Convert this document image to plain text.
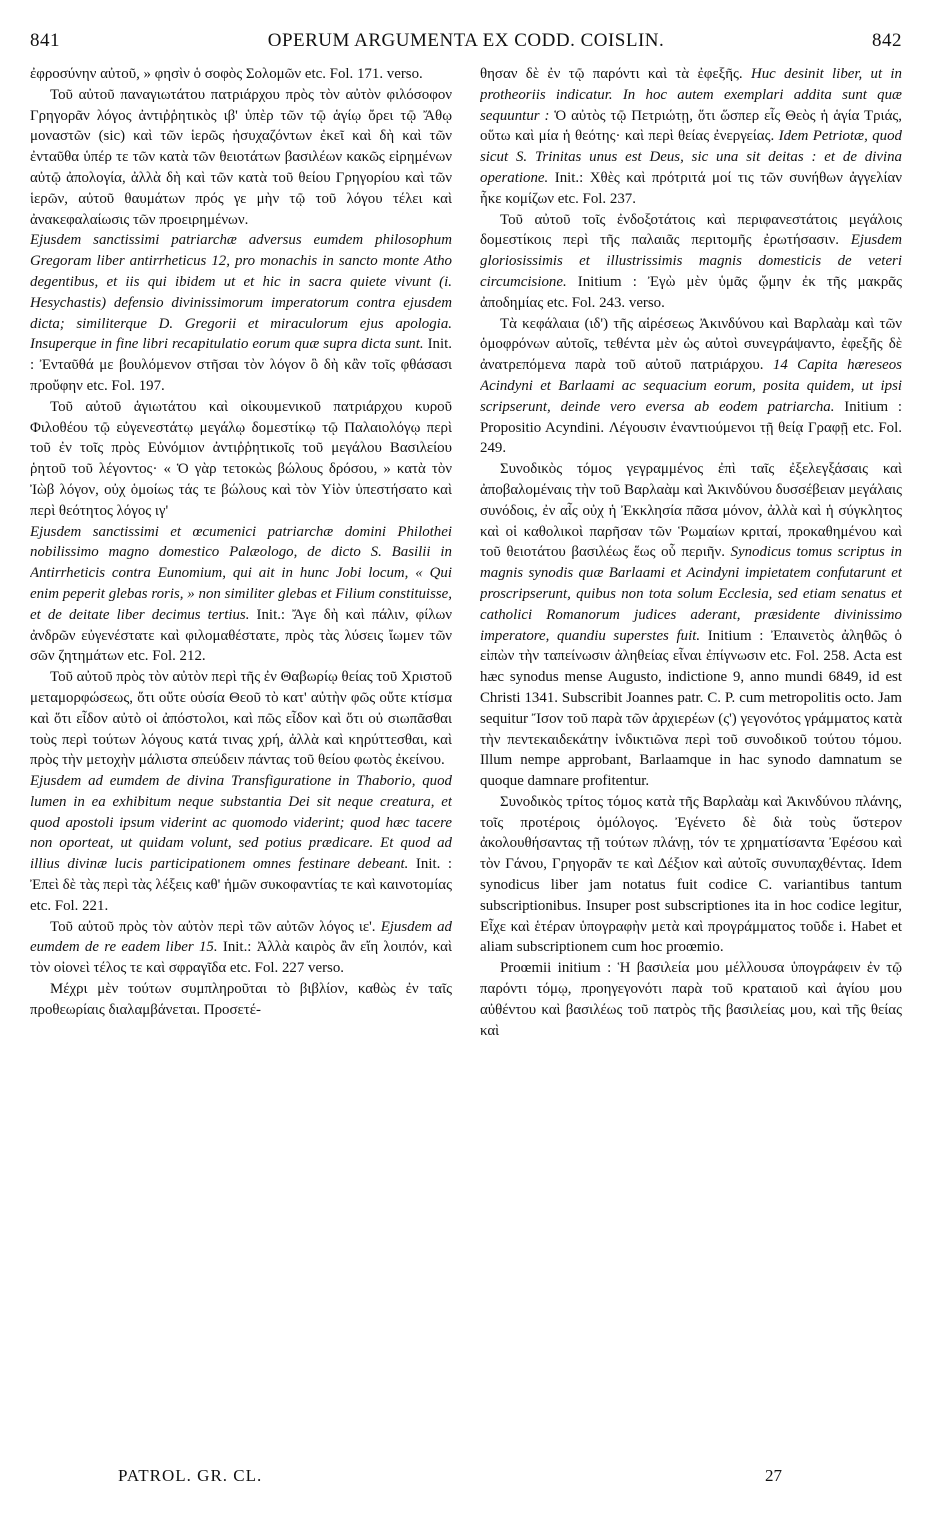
841	OPERUM ARGUMENTA EX CODD. COISLIN.	842

ἐφροσύνην αὐτοῦ, » φησὶν ὁ σοφὸς Σολομῶν etc. Fol. 171. verso.

Τοῦ αὐτοῦ παναγιωτάτου πατριάρχου πρὸς τὸν αὐτὸν φιλόσοφον Γρηγορᾶν λόγος ἀντιῤῥητικὸς ιβ' ὑπὲρ τῶν τῷ ἁγίῳ ὄρει τῷ Ἄθῳ μοναστῶν (sic) καὶ τῶν ἱερῶς ἡσυχαζόντων ἐκεῖ καὶ δὴ καὶ τῶν ἐνταῦθα ὑπέρ τε τῶν κατὰ τῶν θειοτάτων βασιλέων κακῶς εἰρημένων αὐτῷ ἀπολογία, ἀλλὰ δὴ καὶ τῶν κατὰ τοῦ θείου Γρηγορίου καὶ τῶν ἱερῶν, αὐτοῦ θαυμάτων πρός γε μὴν τῷ τοῦ λόγου τέλει καὶ ἀνακεφαλαίωσις τῶν προειρημένων.

Ejusdem sanctissimi patriarchæ adversus eumdem philosophum Gregoram liber antirrheticus 12, pro monachis in sancto monte Atho degentibus, et iis qui ibidem ut et hic in sacra quiete vivunt (i. Hesychastis) defensio divinissimorum imperatorum contra ejusdem dicta; similiterque D. Gregorii et miraculorum ejus apologia. Insuperque in fine libri recapitulatio eorum quæ supra dicta sunt. Init. : Ἐνταῦθά με βουλόμενον στῆσαι τὸν λόγον ὃ δὴ κἂν τοῖς φθάσασι προὔφην etc. Fol. 197.

Τοῦ αὐτοῦ ἁγιωτάτου καὶ οἰκουμενικοῦ πατριάρχου κυροῦ Φιλοθέου τῷ εὐγενεστάτῳ μεγάλῳ δομεστίκῳ τῷ Παλαιολόγῳ περὶ τοῦ ἐν τοῖς πρὸς Εὐνόμιον ἀντιῤῥητικοῖς τοῦ μεγάλου Βασιλείου ῥητοῦ τοῦ λέγοντος· « Ὁ γὰρ τετοκὼς βώλους δρόσου, » κατὰ τὸν Ἰὼβ λόγον, οὐχ ὁμοίως τάς τε βώλους καὶ τὸν Υἱὸν ὑπεστήσατο καὶ περὶ θεότητος λόγος ιγ'

Ejusdem sanctissimi et œcumenici patriarchæ domini Philothei nobilissimo magno domestico Palæologo, de dicto S. Basilii in Antirrheticis contra Eunomium, qui ait in hunc Jobi locum, « Qui enim peperit glebas roris, » non similiter glebas et Filium constituisse, et de deitate liber decimus tertius. Init.: Ἄγε δὴ καὶ πάλιν, φίλων ἀνδρῶν εὐγενέστατε καὶ φιλομαθέστατε, πρὸς τὰς λύσεις ἴωμεν τῶν σῶν ζητημάτων etc. Fol. 212.

Τοῦ αὐτοῦ πρὸς τὸν αὐτὸν περὶ τῆς ἐν Θαβωρίῳ θείας τοῦ Χριστοῦ μεταμορφώσεως, ὅτι οὔτε οὐσία Θεοῦ τὸ κατ' αὐτὴν φῶς οὔτε κτίσμα καὶ ὅτι εἶδον αὐτὸ οἱ ἀπόστολοι, καὶ πῶς εἶδον καὶ ὅτι οὐ σιωπᾶσθαι τοὺς περὶ τούτων λόγους κατά τινας χρή, ἀλλὰ καὶ κηρύττεσθαι, καὶ πρὸς τὴν μετοχὴν μάλιστα σπεύδειν πάντας τοῦ θείου φωτὸς ἐκείνου.

Ejusdem ad eumdem de divina Transfiguratione in Thaborio, quod lumen in ea exhibitum neque substantia Dei sit neque creatura, et quod apostoli ipsum viderint ac quomodo viderint; quod hæc tacere non oporteat, ut quidam volunt, sed potius prædicare. Et quod ad illius divinæ lucis participationem omnes festinare debeant. Init. : Ἐπεὶ δὲ τὰς περὶ τὰς λέξεις καθ' ἡμῶν συκοφαντίας τε καὶ καινοτομίας etc. Fol. 221.

Τοῦ αὐτοῦ πρὸς τὸν αὐτὸν περὶ τῶν αὐτῶν λόγος ιε'. Ejusdem ad eumdem de re eadem liber 15. Init.: Ἀλλὰ καιρὸς ἂν εἴη λοιπόν, καὶ τὸν οἰονεὶ τέλος τε καὶ σφραγῖδα etc. Fol. 227 verso.

Μέχρι μὲν τούτων συμπληροῦται τὸ βιβλίον, καθὼς ἐν ταῖς προθεωρίαις διαλαμβάνεται. Προσετέ-

θησαν δὲ ἐν τῷ παρόντι καὶ τὰ ἐφεξῆς. Huc desinit liber, ut in protheoriis indicatur. In hoc autem exemplari addita sunt quæ sequuntur : Ὁ αὐτὸς τῷ Πετριώτῃ, ὅτι ὥσπερ εἷς Θεὸς ἡ ἁγία Τριάς, οὕτω καὶ μία ἡ θεότης· καὶ περὶ θείας ἐνεργείας. Idem Petriotæ, quod sicut S. Trinitas unus est Deus, sic una sit deitas : et de divina operatione. Init.: Χθὲς καὶ πρότριτά μοί τις τῶν συνήθων ἀγγελίαν ἧκε κομίζων etc. Fol. 237.

Τοῦ αὐτοῦ τοῖς ἐνδοξοτάτοις καὶ περιφανεστάτοις μεγάλοις δομεστίκοις περὶ τῆς παλαιᾶς περιτομῆς ἐρωτήσασιν. Ejusdem gloriosissimis et illustrissimis magnis domesticis de veteri circumcisione. Initium : Ἐγὼ μὲν ὑμᾶς ᾤμην ἐκ τῆς μακρᾶς ἀποδημίας etc. Fol. 243. verso.

Τὰ κεφάλαια (ιδ') τῆς αἱρέσεως Ἀκινδύνου καὶ Βαρλαὰμ καὶ τῶν ὁμοφρόνων αὐτοῖς, τεθέντα μὲν ὡς αὐτοὶ συνεγράψαντο, ἐφεξῆς δὲ ἀνατρεπόμενα παρὰ τοῦ αὐτοῦ πατριάρχου. 14 Capita hæreseos Acindyni et Barlaami ac sequacium eorum, posita quidem, ut ipsi scripserunt, deinde vero eversa ab eodem patriarcha. Initium : Propositio Acyndini. Λέγουσιν ἐναντιούμενοι τῇ θείᾳ Γραφῇ etc. Fol. 249.

Συνοδικὸς τόμος γεγραμμένος ἐπὶ ταῖς ἐξελεγξάσαις καὶ ἀποβαλομέναις τὴν τοῦ Βαρλαὰμ καὶ Ἀκινδύνου δυσσέβειαν μεγάλαις συνόδοις, ἐν αἷς οὐχ ἡ Ἐκκλησία πᾶσα μόνον, ἀλλὰ καὶ ἡ σύγκλητος καὶ οἱ καθολικοὶ παρῆσαν τῶν Ῥωμαίων κριταί, προκαθημένου καὶ τοῦ θειοτάτου βασιλέως ἕως οὗ περιῆν. Synodicus tomus scriptus in magnis synodis quæ Barlaami et Acindyni impietatem confutarunt et proscripserunt, quibus non tota solum Ecclesia, sed etiam senatus et catholici Romanorum judices aderant, præsidente divinissimo imperatore, quandiu superstes fuit. Initium : Ἐπαινετὸς ἀληθῶς ὁ εἰπὼν τὴν ταπείνωσιν ἀληθείας εἶναι ἐπίγνωσιν etc. Fol. 258. Acta est hæc synodus mense Augusto, indictione 9, anno mundi 6849, id est Christi 1341. Subscribit Joannes patr. C. P. cum metropolitis octo. Jam sequitur Ἴσον τοῦ παρὰ τῶν ἀρχιερέων (ς') γεγονότος γράμματος κατὰ τὴν πεντεκαιδεκάτην ἰνδικτιῶνα περὶ τοῦ συνοδικοῦ τούτου τόμου. Illum nempe approbant, Barlaamque in hac synodo damnatum se quoque damnare profitentur.

Συνοδικὸς τρίτος τόμος κατὰ τῆς Βαρλαὰμ καὶ Ἀκινδύνου πλάνης, τοῖς προτέροις ὁμόλογος. Ἐγένετο δὲ διὰ τοὺς ὕστερον ἀκολουθήσαντας τῇ τούτων πλάνῃ, τόν τε χρηματίσαντα Ἐφέσου καὶ τὸν Γάνου, Γρηγορᾶν τε καὶ Δέξιον καὶ αὐτοῖς συνυπαχθέντας. Idem synodicus liber jam notatus fuit codice C. variantibus tantum subscriptionibus. Insuper post subscriptiones ita in hoc codice legitur, Εἶχε καὶ ἑτέραν ὑπογραφὴν μετὰ καὶ προγράμματος τοῦδε i. Habet et aliam subscriptionem cum hoc proœmio.

Proœmii initium : Ἡ βασιλεία μου μέλλουσα ὑπογράφειν ἐν τῷ παρόντι τόμῳ, προηγεγονότι παρὰ τοῦ κραταιοῦ καὶ ἁγίου μου αὐθέντου καὶ βασιλέως τοῦ πατρὸς τῆς βασιλείας μου, καὶ τῆς θείας καὶ

PATROL. GR. CL.	27
